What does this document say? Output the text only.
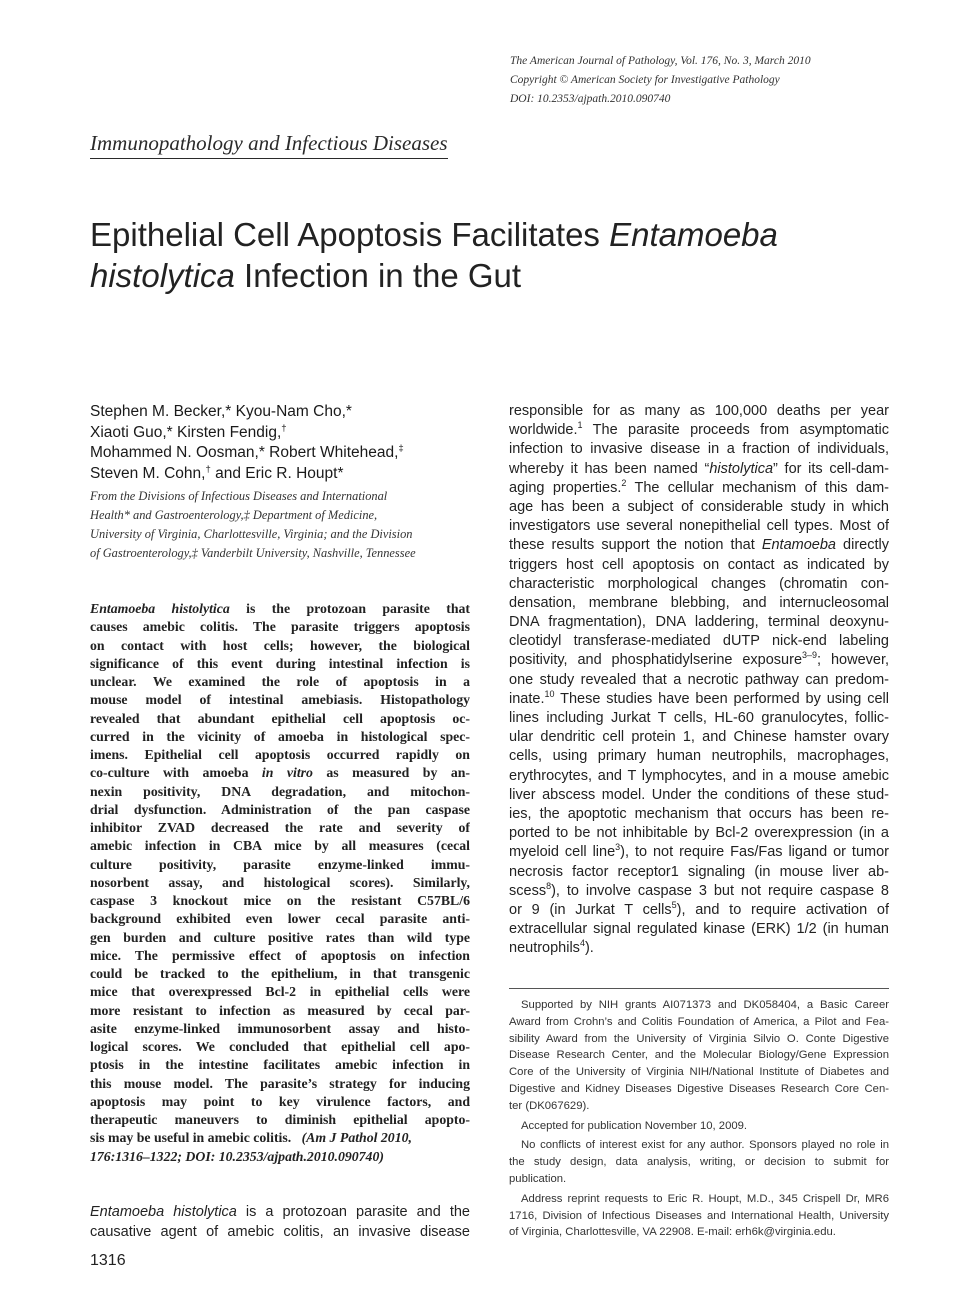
The American Journal of Pathology, Vol. 176, No. 3, March 2010
Copyright © American Society for Investigative Pathology
DOI: 10.2353/ajpath.2010.090740
Immunopathology and Infectious Diseases
Epithelial Cell Apoptosis Facilitates Entamoeba
histolytica Infection in the Gut
Stephen M. Becker,* Kyou-Nam Cho,*
Xiaoti Guo,* Kirsten Fendig,†
Mohammed N. Oosman,* Robert Whitehead,‡
Steven M. Cohn,† and Eric R. Houpt*
From the Divisions of Infectious Diseases and International
Health* and Gastroenterology,‡ Department of Medicine,
University of Virginia, Charlottesville, Virginia; and the Division
of Gastroenterology,‡ Vanderbilt University, Nashville, Tennessee
Entamoeba histolytica is the protozoan parasite that
causes amebic colitis. The parasite triggers apoptosis
on contact with host cells; however, the biological
significance of this event during intestinal infection is
unclear. We examined the role of apoptosis in a
mouse model of intestinal amebiasis. Histopathology
revealed that abundant epithelial cell apoptosis oc-
curred in the vicinity of amoeba in histological spec-
imens. Epithelial cell apoptosis occurred rapidly on
co-culture with amoeba in vitro as measured by an-
nexin positivity, DNA degradation, and mitochon-
drial dysfunction. Administration of the pan caspase
inhibitor ZVAD decreased the rate and severity of
amebic infection in CBA mice by all measures (cecal
culture positivity, parasite enzyme-linked immu-
nosorbent assay, and histological scores). Similarly,
caspase 3 knockout mice on the resistant C57BL/6
background exhibited even lower cecal parasite anti-
gen burden and culture positive rates than wild type
mice. The permissive effect of apoptosis on infection
could be tracked to the epithelium, in that transgenic
mice that overexpressed Bcl-2 in epithelial cells were
more resistant to infection as measured by cecal par-
asite enzyme-linked immunosorbent assay and histo-
logical scores. We concluded that epithelial cell apo-
ptosis in the intestine facilitates amebic infection in
this mouse model. The parasite’s strategy for inducing
apoptosis may point to key virulence factors, and
therapeutic maneuvers to diminish epithelial apopto-
sis may be useful in amebic colitis.   (Am J Pathol 2010,
176:1316–1322; DOI: 10.2353/ajpath.2010.090740)
Entamoeba histolytica is a protozoan parasite and the
causative agent of amebic colitis, an invasive disease
1316
responsible for as many as 100,000 deaths per year
worldwide.$^1$ The parasite proceeds from asymptomatic
infection to invasive disease in a fraction of individuals,
whereby it has been named “histolytica” for its cell-dam-
aging properties.$^2$ The cellular mechanism of this dam-
age has been a subject of considerable study in which
investigators use several nonepithelial cell types. Most of
these results support the notion that Entamoeba directly
triggers host cell apoptosis on contact as indicated by
characteristic morphological changes (chromatin con-
densation, membrane blebbing, and internucleosomal
DNA fragmentation), DNA laddering, terminal deoxynu-
cleotidyl transferase-mediated dUTP nick-end labeling
positivity, and phosphatidylserine exposure$^{3-9}$; however,
one study revealed that a necrotic pathway can predom-
inate.$^{10}$ These studies have been performed by using cell
lines including Jurkat T cells, HL-60 granulocytes, follic-
ular dendritic cell protein 1, and Chinese hamster ovary
cells, using primary human neutrophils, macrophages,
erythrocytes, and T lymphocytes, and in a mouse amebic
liver abscess model. Under the conditions of these stud-
ies, the apoptotic mechanism that occurs has been re-
ported to be not inhibitable by Bcl-2 overexpression (in a
myeloid cell line$^3$), to not require Fas/Fas ligand or tumor
necrosis factor receptor1 signaling (in mouse liver ab-
scess$^8$), to involve caspase 3 but not require caspase 8
or 9 (in Jurkat T cells$^5$), and to require activation of
extracellular signal regulated kinase (ERK) 1/2 (in human
neutrophils$^4$).
Supported by NIH grants AI071373 and DK058404, a Basic Career
Award from Crohn’s and Colitis Foundation of America, a Pilot and Fea-
sibility Award from the University of Virginia Silvio O. Conte Digestive
Disease Research Center, and the Molecular Biology/Gene Expression
Core of the University of Virginia NIH/National Institute of Diabetes and
Digestive and Kidney Diseases Digestive Diseases Research Core Cen-
ter (DK067629).
Accepted for publication November 10, 2009.
No conflicts of interest exist for any author. Sponsors played no role in
the study design, data analysis, writing, or decision to submit for
publication.
Address reprint requests to Eric R. Houpt, M.D., 345 Crispell Dr, MR6
1716, Division of Infectious Diseases and International Health, University
of Virginia, Charlottesville, VA 22908. E-mail: erh6k@virginia.edu.
